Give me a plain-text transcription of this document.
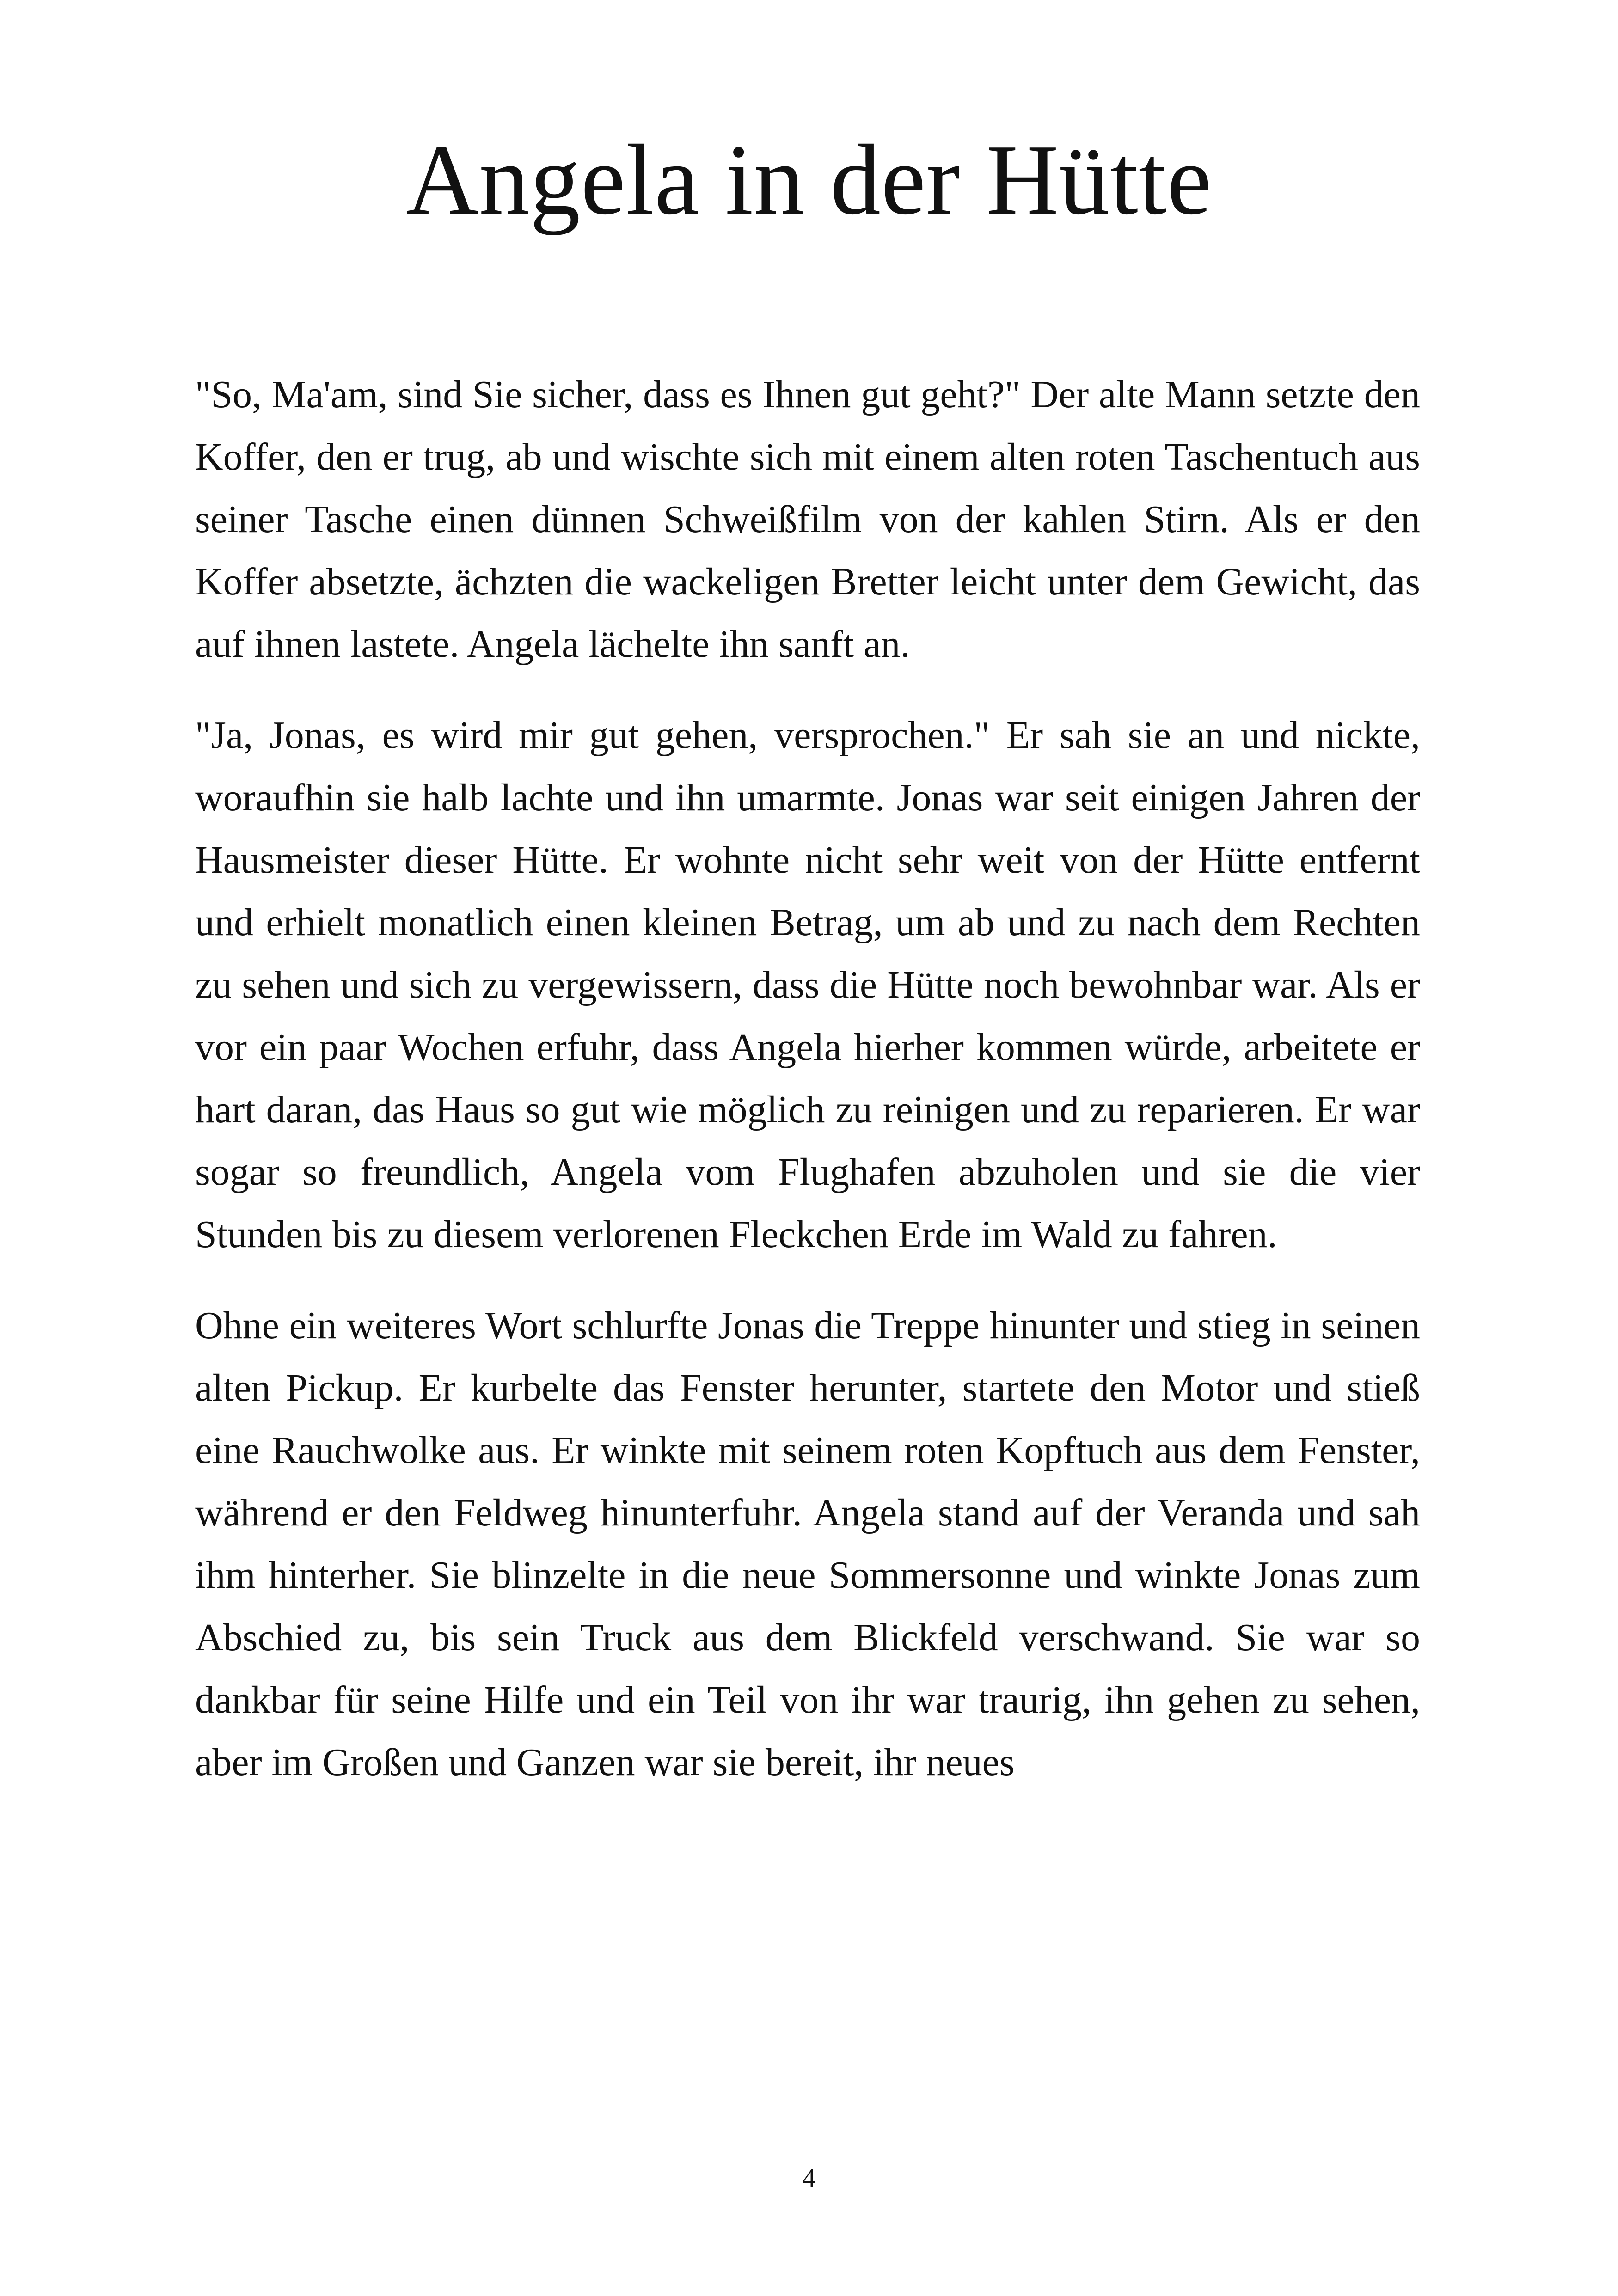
Angela in der Hütte

"So, Ma'am, sind Sie sicher, dass es Ihnen gut geht?" Der alte Mann setzte den Koffer, den er trug, ab und wischte sich mit einem alten roten Taschentuch aus seiner Tasche einen dünnen Schweißfilm von der kahlen Stirn. Als er den Koffer absetzte, ächzten die wackeligen Bretter leicht unter dem Gewicht, das auf ihnen lastete. Angela lächelte ihn sanft an.

"Ja, Jonas, es wird mir gut gehen, versprochen." Er sah sie an und nickte, woraufhin sie halb lachte und ihn umarmte. Jonas war seit einigen Jahren der Hausmeister dieser Hütte. Er wohnte nicht sehr weit von der Hütte entfernt und erhielt monatlich einen kleinen Betrag, um ab und zu nach dem Rechten zu sehen und sich zu vergewissern, dass die Hütte noch bewohnbar war. Als er vor ein paar Wochen erfuhr, dass Angela hierher kommen würde, arbeitete er hart daran, das Haus so gut wie möglich zu reinigen und zu reparieren. Er war sogar so freundlich, Angela vom Flughafen abzuholen und sie die vier Stunden bis zu diesem verlorenen Fleckchen Erde im Wald zu fahren.

Ohne ein weiteres Wort schlurfte Jonas die Treppe hinunter und stieg in seinen alten Pickup. Er kurbelte das Fenster herunter, startete den Motor und stieß eine Rauchwolke aus. Er winkte mit seinem roten Kopftuch aus dem Fenster, während er den Feldweg hinunterfuhr. Angela stand auf der Veranda und sah ihm hinterher. Sie blinzelte in die neue Sommersonne und winkte Jonas zum Abschied zu, bis sein Truck aus dem Blickfeld verschwand. Sie war so dankbar für seine Hilfe und ein Teil von ihr war traurig, ihn gehen zu sehen, aber im Großen und Ganzen war sie bereit, ihr neues

4
